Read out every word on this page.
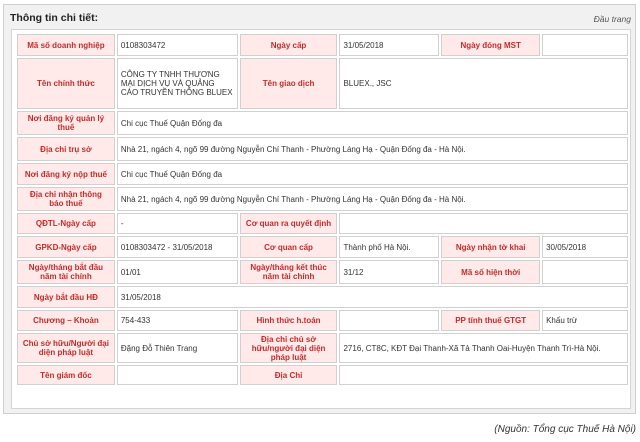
Thông tin chi tiết:	Đầu trang
Mã số doanh nghiệp	0108303472	Ngày cấp	31/05/2018	Ngày đóng MST	
Tên chính thức	CÔNG TY TNHH THƯƠNG MẠI DỊCH VỤ VÀ QUẢNG CÁO TRUYỀN THÔNG BLUEX	Tên giao dịch	BLUEX., JSC		
Nơi đăng ký quản lý thuế	Chi cục Thuế Quận Đống đa				
Địa chỉ trụ sở	Nhà 21, ngách 4, ngõ 99 đường Nguyễn Chí Thanh - Phường Láng Hạ - Quận Đống đa - Hà Nội.				
Nơi đăng ký nộp thuế	Chi cục Thuế Quận Đống đa				
Địa chỉ nhận thông báo thuế	Nhà 21, ngách 4, ngõ 99 đường Nguyễn Chí Thanh - Phường Láng Hạ - Quận Đống đa - Hà Nội.				
QĐTL-Ngày cấp	-	Cơ quan ra quyết định			
GPKD-Ngày cấp	0108303472 - 31/05/2018	Cơ quan cấp	Thành phố Hà Nội.	Ngày nhận tờ khai	30/05/2018
Ngày/tháng bắt đầu năm tài chính	01/01	Ngày/tháng kết thúc năm tài chính	31/12	Mã số hiện thời	
Ngày bắt đầu HĐ	31/05/2018				
Chương – Khoản	754-433	Hình thức h.toán		PP tính thuế GTGT	Khấu trừ
Chủ sở hữu/Người đại diện pháp luật	Đặng Đỗ Thiên Trang	Địa chỉ chủ sở hữu/người đại diện pháp luật	2716, CT8C, KĐT Đại Thanh-Xã Tả Thanh Oai-Huyện Thanh Trì-Hà Nội.		
Tên giám đốc		Địa Chỉ			
(Nguồn: Tổng cục Thuế Hà Nội)
